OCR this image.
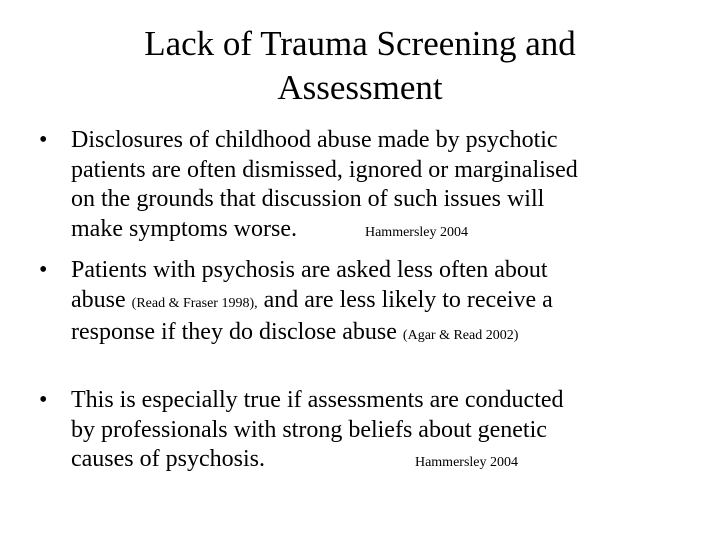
Lack of Trauma Screening and
Assessment
• Disclosures of childhood abuse made by psychotic
patients are often dismissed, ignored or marginalised
on the grounds that discussion of such issues will
make symptoms worse.	Hammersley 2004
• Patients with psychosis are asked less often about
abuse (Read & Fraser 1998), and are less likely to receive a
response if they do disclose abuse (Agar & Read 2002)
• This is especially true if assessments are conducted
by professionals with strong beliefs about genetic
causes of psychosis.	Hammersley 2004
